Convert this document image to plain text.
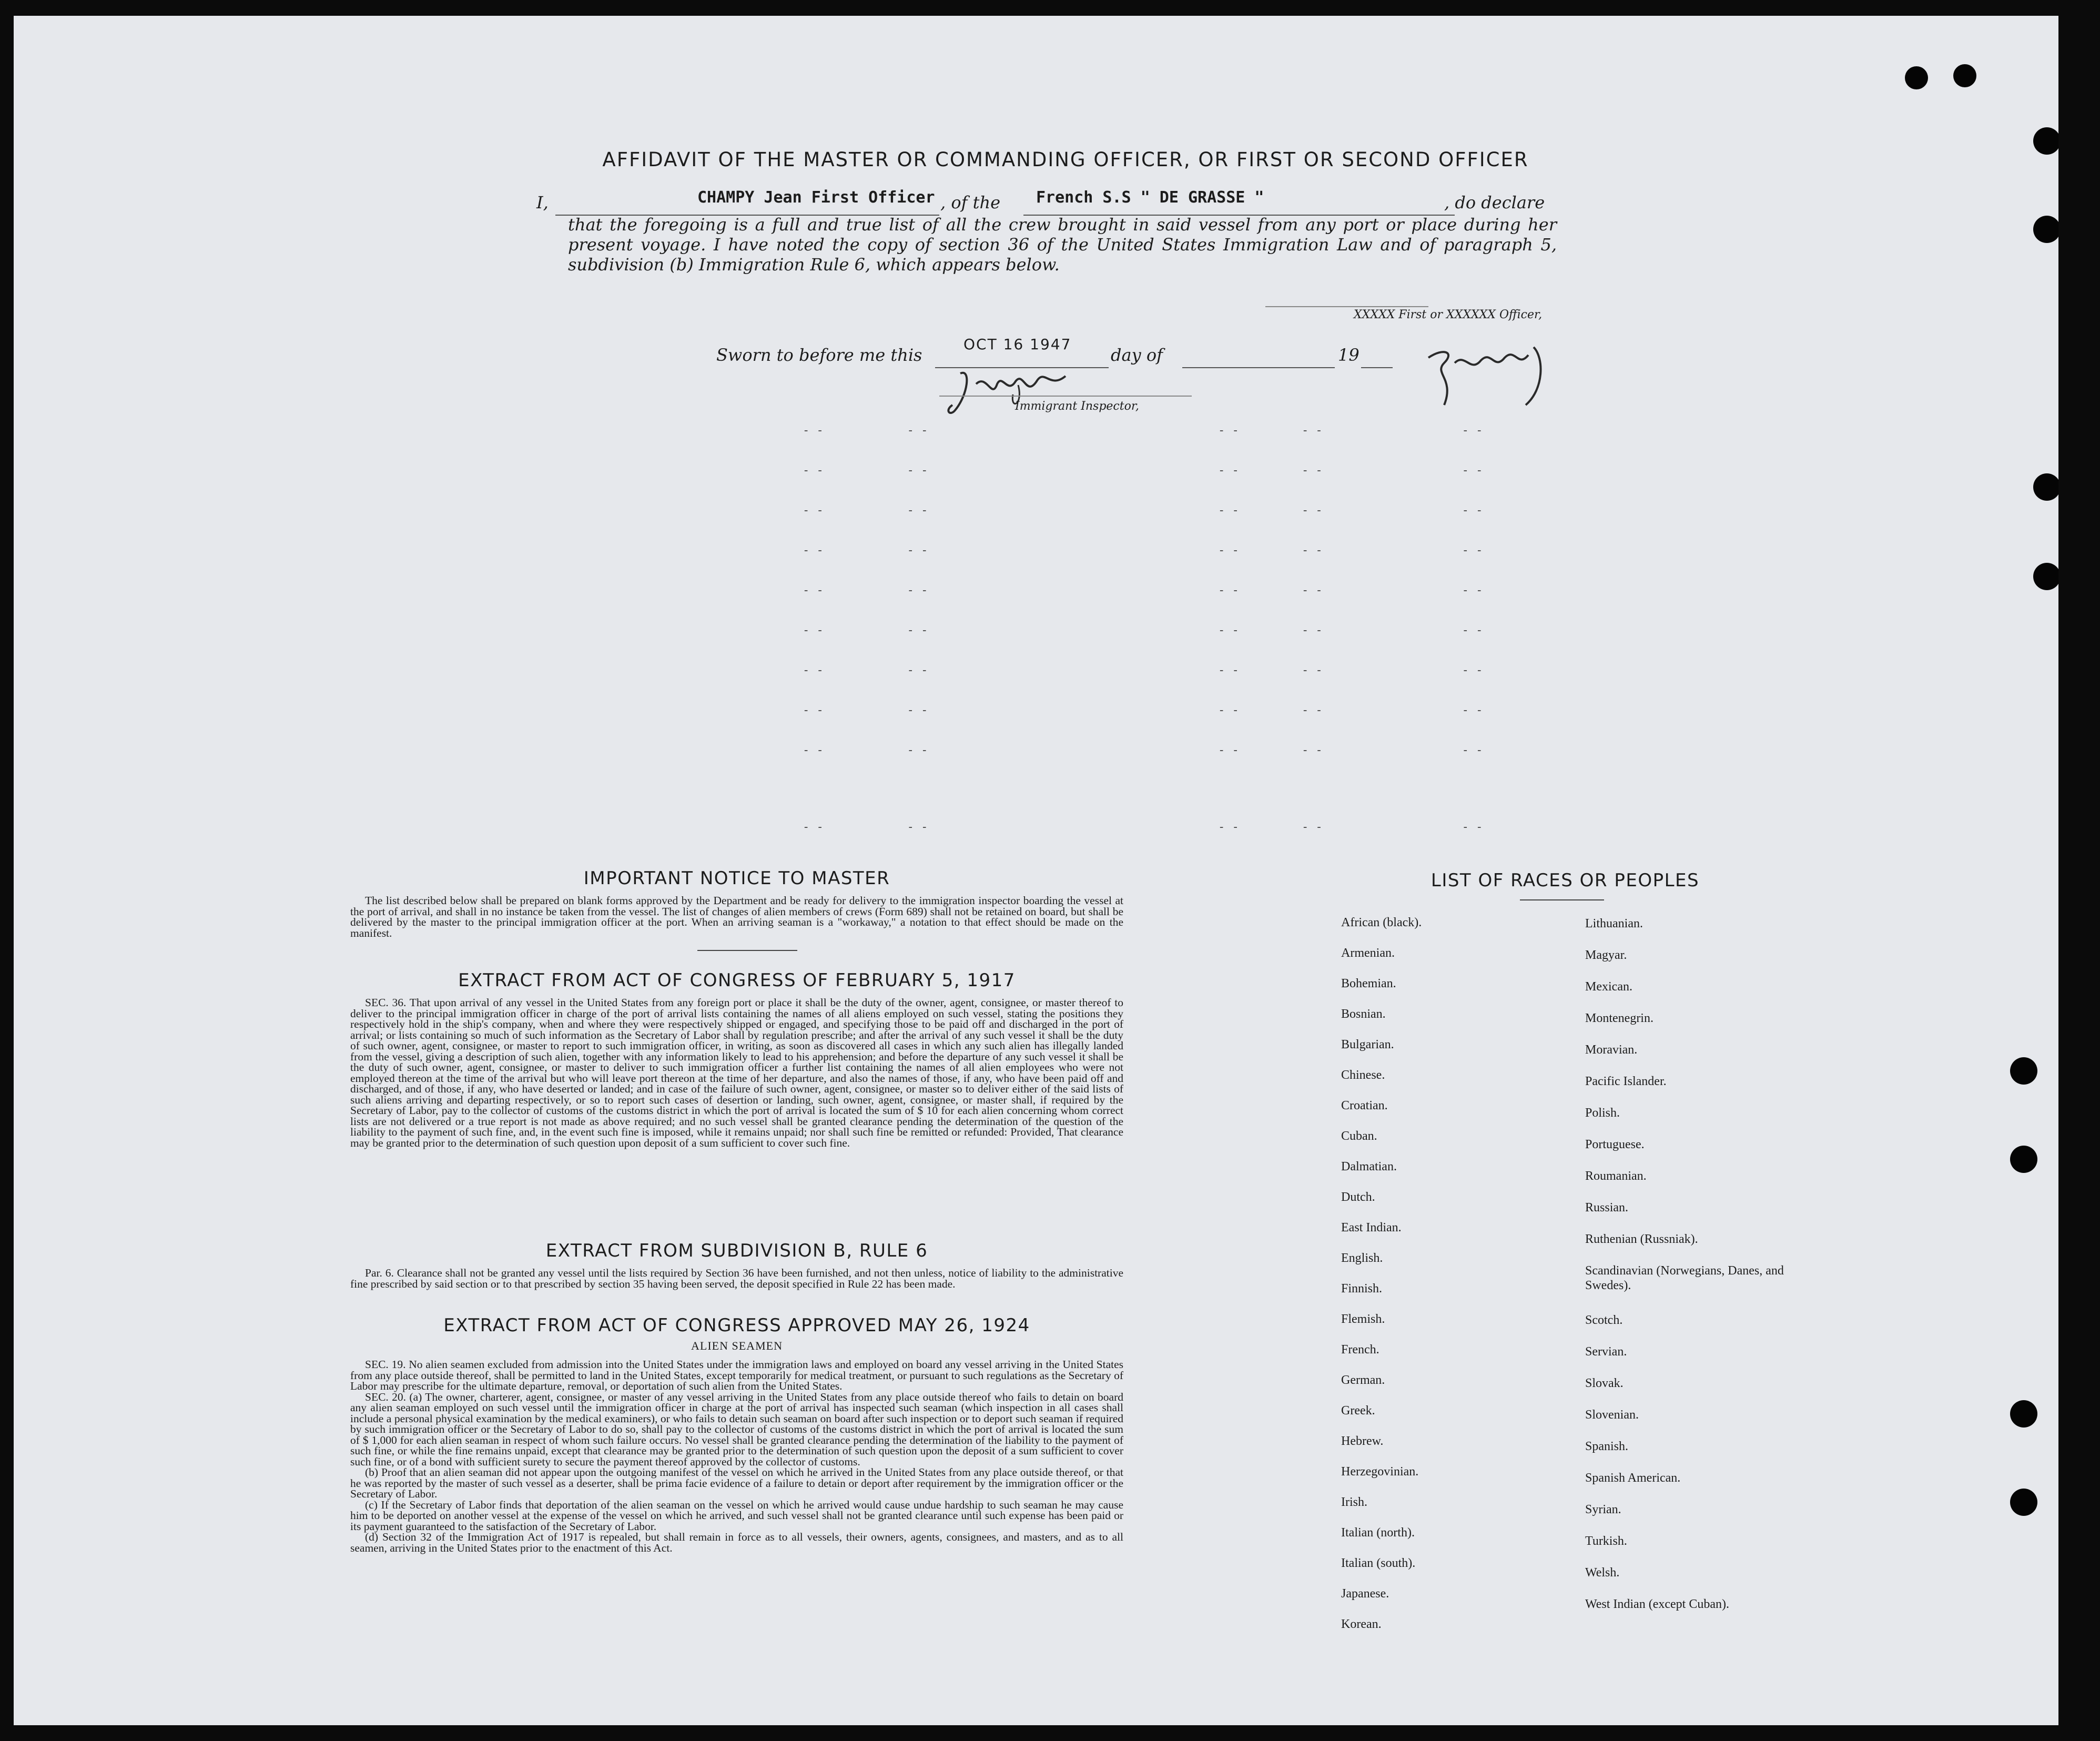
AFFIDAVIT OF THE MASTER OR COMMANDING OFFICER, OR FIRST OR SECOND OFFICER
I,	CHAMPY Jean First Officer , of the French S.S " DE GRASSE "	, do declare
that the foregoing is a full and true list of all the crew brought in said vessel from any port or place during her present voyage. I have noted the copy of section 36 of the United States Immigration Law and of paragraph 5, subdivision (b) Immigration Rule 6, which appears below.
XXXXX First or XXXXXX Officer,
Sworn to before me this
OCT 16 1947
day of	19
Immigrant Inspector,
- -            - -
- -            - -
- -            - -
- -            - -
- -            - -
- -            - -
- -            - -
- -            - -
- -            - -
- -            - -
- -         - -                    - -
- -         - -                    - -
- -         - -                    - -
- -         - -                    - -
- -         - -                    - -
- -         - -                    - -
- -         - -                    - -
- -         - -                    - -
- -         - -                    - -
- -         - -                    - -
IMPORTANT NOTICE TO MASTER

The list described below shall be prepared on blank forms approved by the Department and be ready for delivery to the immigration inspector boarding the vessel at the port of arrival, and shall in no instance be taken from the vessel. The list of changes of alien members of crews (Form 689) shall not be retained on board, but shall be delivered by the master to the principal immigration officer at the port. When an arriving seaman is a "workaway," a notation to that effect should be made on the manifest.

EXTRACT FROM ACT OF CONGRESS OF FEBRUARY 5, 1917

SEC. 36. That upon arrival of any vessel in the United States from any foreign port or place it shall be the duty of the owner, agent, consignee, or master thereof to deliver to the principal immigration officer in charge of the port of arrival lists containing the names of all aliens employed on such vessel, stating the positions they respectively hold in the ship's company, when and where they were respectively shipped or engaged, and specifying those to be paid off and discharged in the port of arrival; or lists containing so much of such information as the Secretary of Labor shall by regulation prescribe; and after the arrival of any such vessel it shall be the duty of such owner, agent, consignee, or master to report to such immigration officer, in writing, as soon as discovered all cases in which any such alien has illegally landed from the vessel, giving a description of such alien, together with any information likely to lead to his apprehension; and before the departure of any such vessel it shall be the duty of such owner, agent, consignee, or master to deliver to such immigration officer a further list containing the names of all alien employees who were not employed thereon at the time of the arrival but who will leave port thereon at the time of her departure, and also the names of those, if any, who have been paid off and discharged, and of those, if any, who have deserted or landed; and in case of the failure of such owner, agent, consignee, or master so to deliver either of the said lists of such aliens arriving and departing respectively, or so to report such cases of desertion or landing, such owner, agent, consignee, or master shall, if required by the Secretary of Labor, pay to the collector of customs of the customs district in which the port of arrival is located the sum of $ 10 for each alien concerning whom correct lists are not delivered or a true report is not made as above required; and no such vessel shall be granted clearance pending the determination of the question of the liability to the payment of such fine, and, in the event such fine is imposed, while it remains unpaid; nor shall such fine be remitted or refunded: Provided, That clearance may be granted prior to the determination of such question upon deposit of a sum sufficient to cover such fine.

EXTRACT FROM SUBDIVISION B, RULE 6

Par. 6. Clearance shall not be granted any vessel until the lists required by Section 36 have been furnished, and not then unless, notice of liability to the administrative fine prescribed by said section or to that prescribed by section 35 having been served, the deposit specified in Rule 22 has been made.

EXTRACT FROM ACT OF CONGRESS APPROVED MAY 26, 1924
ALIEN SEAMEN

SEC. 19. No alien seamen excluded from admission into the United States under the immigration laws and employed on board any vessel arriving in the United States from any place outside thereof, shall be permitted to land in the United States, except temporarily for medical treatment, or pursuant to such regulations as the Secretary of Labor may prescribe for the ultimate departure, removal, or deportation of such alien from the United States.

SEC. 20. (a) The owner, charterer, agent, consignee, or master of any vessel arriving in the United States from any place outside thereof who fails to detain on board any alien seaman employed on such vessel until the immigration officer in charge at the port of arrival has inspected such seaman (which inspection in all cases shall include a personal physical examination by the medical examiners), or who fails to detain such seaman on board after such inspection or to deport such seaman if required by such immigration officer or the Secretary of Labor to do so, shall pay to the collector of customs of the customs district in which the port of arrival is located the sum of $ 1,000 for each alien seaman in respect of whom such failure occurs. No vessel shall be granted clearance pending the determination of the liability to the payment of such fine, or while the fine remains unpaid, except that clearance may be granted prior to the determination of such question upon the deposit of a sum sufficient to cover such fine, or of a bond with sufficient surety to secure the payment thereof approved by the collector of customs.

(b) Proof that an alien seaman did not appear upon the outgoing manifest of the vessel on which he arrived in the United States from any place outside thereof, or that he was reported by the master of such vessel as a deserter, shall be prima facie evidence of a failure to detain or deport after requirement by the immigration officer or the Secretary of Labor.

(c) If the Secretary of Labor finds that deportation of the alien seaman on the vessel on which he arrived would cause undue hardship to such seaman he may cause him to be deported on another vessel at the expense of the vessel on which he arrived, and such vessel shall not be granted clearance until such expense has been paid or its payment guaranteed to the satisfaction of the Secretary of Labor.

(d) Section 32 of the Immigration Act of 1917 is repealed, but shall remain in force as to all vessels, their owners, agents, consignees, and masters, and as to all seamen, arriving in the United States prior to the enactment of this Act.

LIST OF RACES OR PEOPLES
African (black).
Armenian.
Bohemian.
Bosnian.
Bulgarian.
Chinese.
Croatian.
Cuban.
Dalmatian.
Dutch.
East Indian.
English.
Finnish.
Flemish.
French.
German.
Greek.
Hebrew.
Herzegovinian.
Irish.
Italian (north).
Italian (south).
Japanese.
Korean.
Lithuanian.
Magyar.
Mexican.
Montenegrin.
Moravian.
Pacific Islander.
Polish.
Portuguese.
Roumanian.
Russian.
Ruthenian (Russniak).
Scandinavian (Norwegians, Danes, and Swedes).
Scotch.
Servian.
Slovak.
Slovenian.
Spanish.
Spanish American.
Syrian.
Turkish.
Welsh.
West Indian (except Cuban).
